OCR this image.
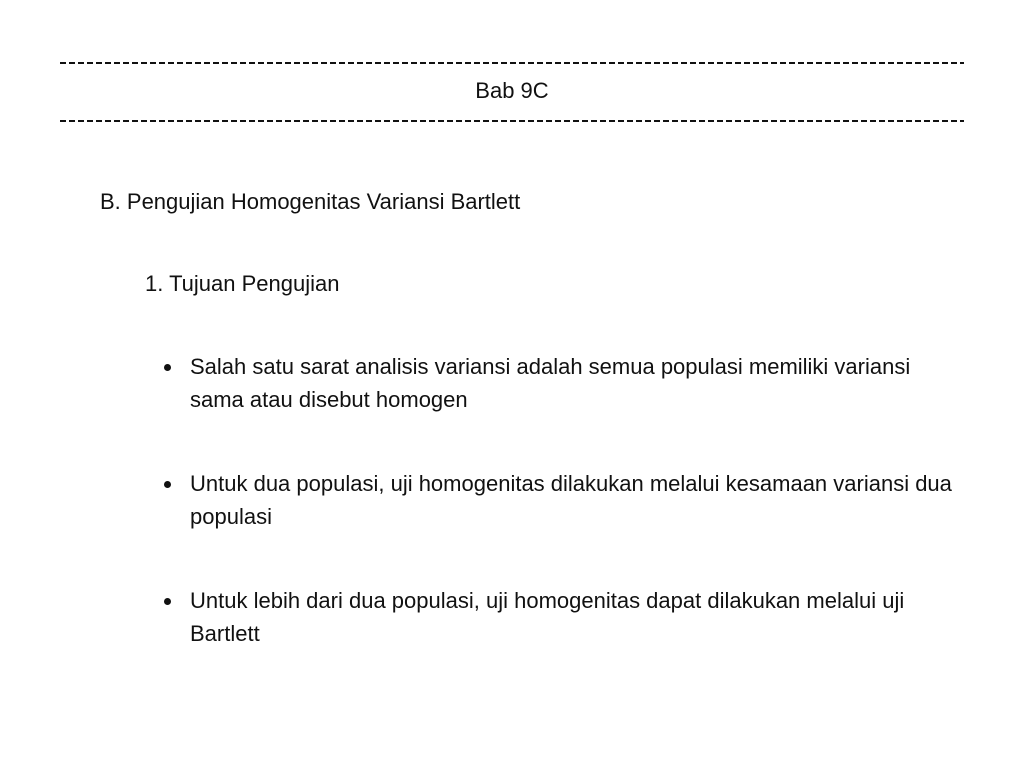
Bab 9C
B. Pengujian Homogenitas Variansi Bartlett
1. Tujuan Pengujian
Salah satu sarat analisis variansi adalah semua populasi memiliki variansi sama atau disebut homogen
Untuk dua populasi, uji homogenitas dilakukan melalui kesamaan variansi dua populasi
Untuk lebih dari dua populasi, uji homogenitas dapat dilakukan melalui uji Bartlett
